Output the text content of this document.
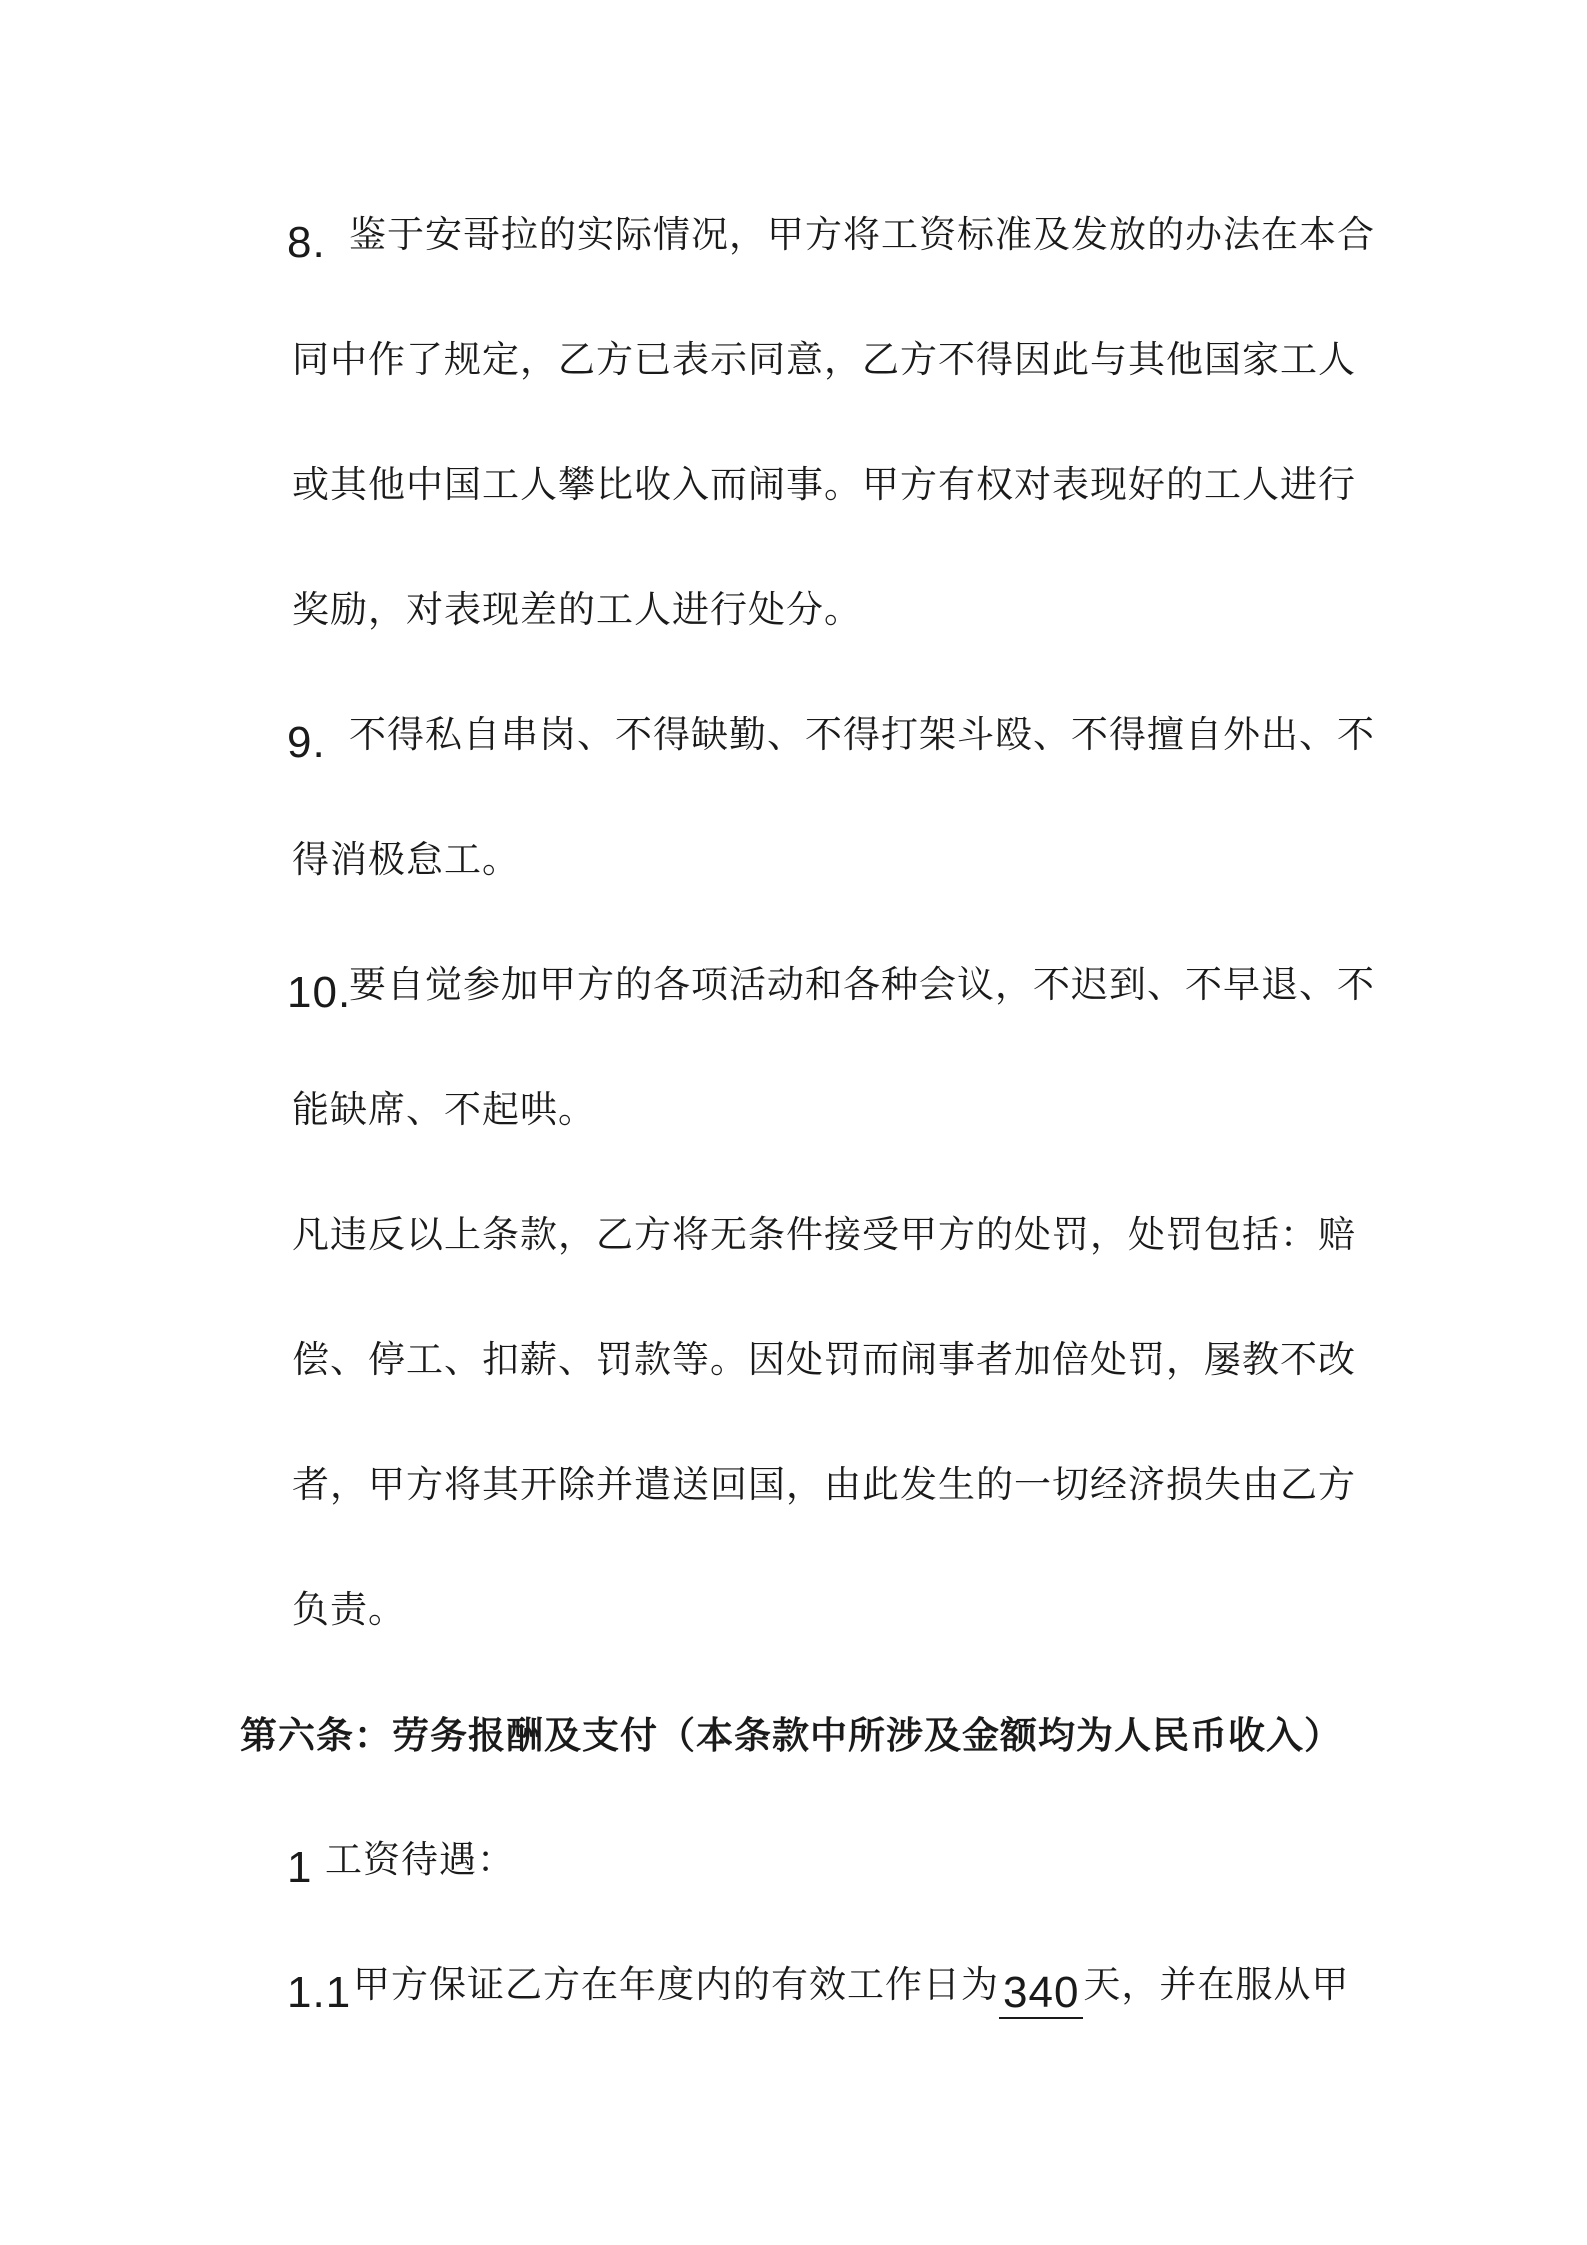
8. 鉴于安哥拉的实际情况，甲方将工资标准及发放的办法在本合
同中作了规定，乙方已表示同意，乙方不得因此与其他国家工人
或其他中国工人攀比收入而闹事。甲方有权对表现好的工人进行
奖励，对表现差的工人进行处分。
9. 不得私自串岗、不得缺勤、不得打架斗殴、不得擅自外出、不
得消极怠工。
10.要自觉参加甲方的各项活动和各种会议，不迟到、不早退、不
能缺席、不起哄。
凡违反以上条款，乙方将无条件接受甲方的处罚，处罚包括：赔
偿、停工、扣薪、罚款等。因处罚而闹事者加倍处罚，屡教不改
者，甲方将其开除并遣送回国，由此发生的一切经济损失由乙方
负责。
第六条：劳务报酬及支付（本条款中所涉及金额均为人民币收入）
1 工资待遇：
1.1甲方保证乙方在年度内的有效工作日为340 天，并在服从甲
